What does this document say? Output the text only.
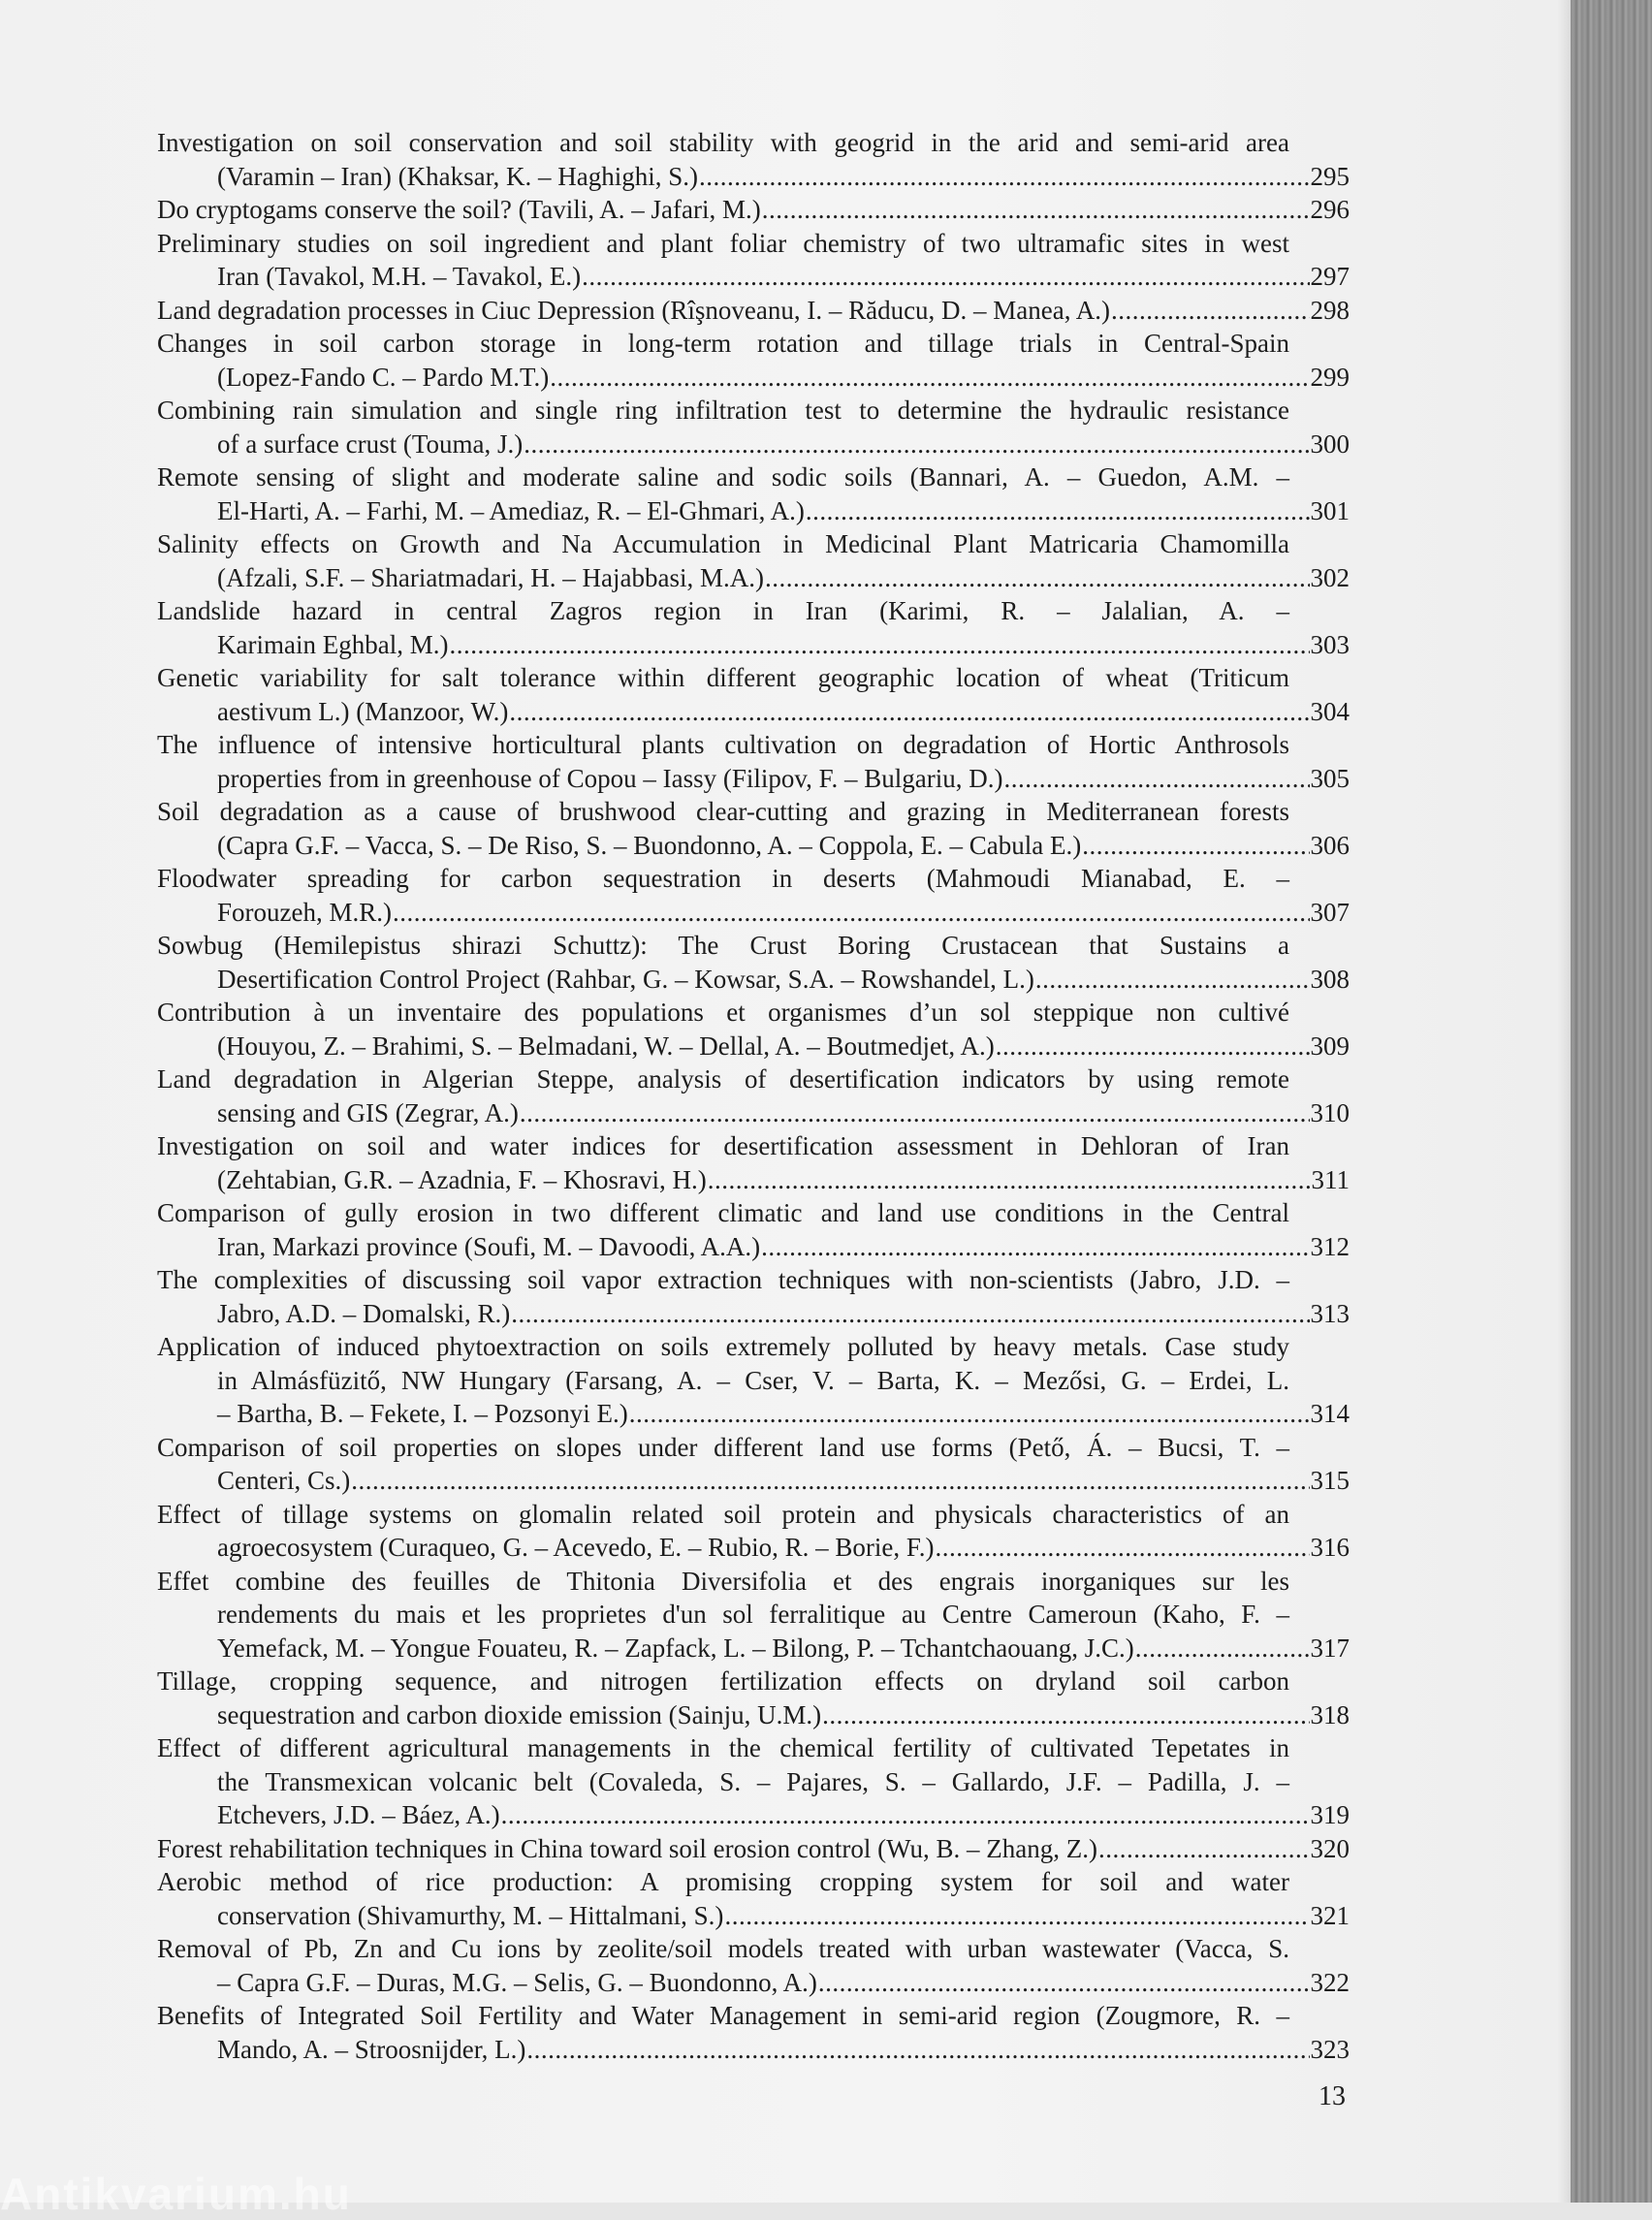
Investigation on soil conservation and soil stability with geogrid in the arid and semi-arid area
(Varamin – Iran) (Khaksar, K. – Haghighi, S.) .....	295
Do cryptogams conserve the soil? (Tavili, A. – Jafari, M.) .....	296
Preliminary studies on soil ingredient and plant foliar chemistry of two ultramafic sites in west
Iran (Tavakol, M.H. – Tavakol, E.) .....	297
Land degradation processes in Ciuc Depression (Rîşnoveanu, I. – Răducu, D. – Manea, A.) .....	298
Changes in soil carbon storage in long-term rotation and tillage trials in Central-Spain
(Lopez-Fando C. – Pardo M.T.) .....	299
Combining rain simulation and single ring infiltration test to determine the hydraulic resistance
of a surface crust (Touma, J.) .....	300
Remote sensing of slight and moderate saline and sodic soils (Bannari, A. – Guedon, A.M. –
El-Harti, A. – Farhi, M. – Amediaz, R. – El-Ghmari, A.) .....	301
Salinity effects on Growth and Na Accumulation in Medicinal Plant Matricaria Chamomilla
(Afzali, S.F. – Shariatmadari, H. – Hajabbasi, M.A.) .....	302
Landslide hazard in central Zagros region in Iran (Karimi, R. – Jalalian, A. –
Karimain Eghbal, M.) .....	303
Genetic variability for salt tolerance within different geographic location of wheat (Triticum
aestivum L.) (Manzoor, W.) .....	304
The influence of intensive horticultural plants cultivation on degradation of Hortic Anthrosols
properties from in greenhouse of Copou – Iassy (Filipov, F. – Bulgariu, D.) .....	305
Soil degradation as a cause of brushwood clear-cutting and grazing in Mediterranean forests
(Capra G.F. – Vacca, S. – De Riso, S. – Buondonno, A. – Coppola, E. – Cabula E.) .....	306
Floodwater spreading for carbon sequestration in deserts (Mahmoudi Mianabad, E. –
Forouzeh, M.R.) .....	307
Sowbug (Hemilepistus shirazi Schuttz): The Crust Boring Crustacean that Sustains a
Desertification Control Project (Rahbar, G. – Kowsar, S.A. – Rowshandel, L.) .....	308
Contribution à un inventaire des populations et organismes d’un sol steppique non cultivé
(Houyou, Z. – Brahimi, S. – Belmadani, W. – Dellal, A. – Boutmedjet, A.) .....	309
Land degradation in Algerian Steppe, analysis of desertification indicators by using remote
sensing and GIS (Zegrar, A.) .....	310
Investigation on soil and water indices for desertification assessment in Dehloran of Iran
(Zehtabian, G.R. – Azadnia, F. – Khosravi, H.) .....	311
Comparison of gully erosion in two different climatic and land use conditions in the Central
Iran, Markazi province (Soufi, M. – Davoodi, A.A.) .....	312
The complexities of discussing soil vapor extraction techniques with non-scientists (Jabro, J.D. –
Jabro, A.D. – Domalski, R.) .....	313
Application of induced phytoextraction on soils extremely polluted by heavy metals. Case study
in Almásfüzitő, NW Hungary (Farsang, A. – Cser, V. – Barta, K. – Mezősi, G. – Erdei, L.
– Bartha, B. – Fekete, I. – Pozsonyi E.) .....	314
Comparison of soil properties on slopes under different land use forms (Pető, Á. – Bucsi, T. –
Centeri, Cs.) .....	315
Effect of tillage systems on glomalin related soil protein and physicals characteristics of an
agroecosystem (Curaqueo, G. – Acevedo, E. – Rubio, R. – Borie, F.) .....	316
Effet combine des feuilles de Thitonia Diversifolia et des engrais inorganiques sur les
rendements du mais et les proprietes d'un sol ferralitique au Centre Cameroun (Kaho, F. –
Yemefack, M. – Yongue Fouateu, R. – Zapfack, L. – Bilong, P. – Tchantchaouang, J.C.) .....	317
Tillage, cropping sequence, and nitrogen fertilization effects on dryland soil carbon
sequestration and carbon dioxide emission (Sainju, U.M.) .....	318
Effect of different agricultural managements in the chemical fertility of cultivated Tepetates in
the Transmexican volcanic belt (Covaleda, S. – Pajares, S. – Gallardo, J.F. – Padilla, J. –
Etchevers, J.D. – Báez, A.) .....	319
Forest rehabilitation techniques in China toward soil erosion control (Wu, B. – Zhang, Z.) .....	320
Aerobic method of rice production: A promising cropping system for soil and water
conservation (Shivamurthy, M. – Hittalmani, S.) .....	321
Removal of Pb, Zn and Cu ions by zeolite/soil models treated with urban wastewater (Vacca, S.
– Capra G.F. – Duras, M.G. – Selis, G. – Buondonno, A.) .....	322
Benefits of Integrated Soil Fertility and Water Management in semi-arid region (Zougmore, R. –
Mando, A. – Stroosnijder, L.) .....	323
13
Antikvarium.hu
